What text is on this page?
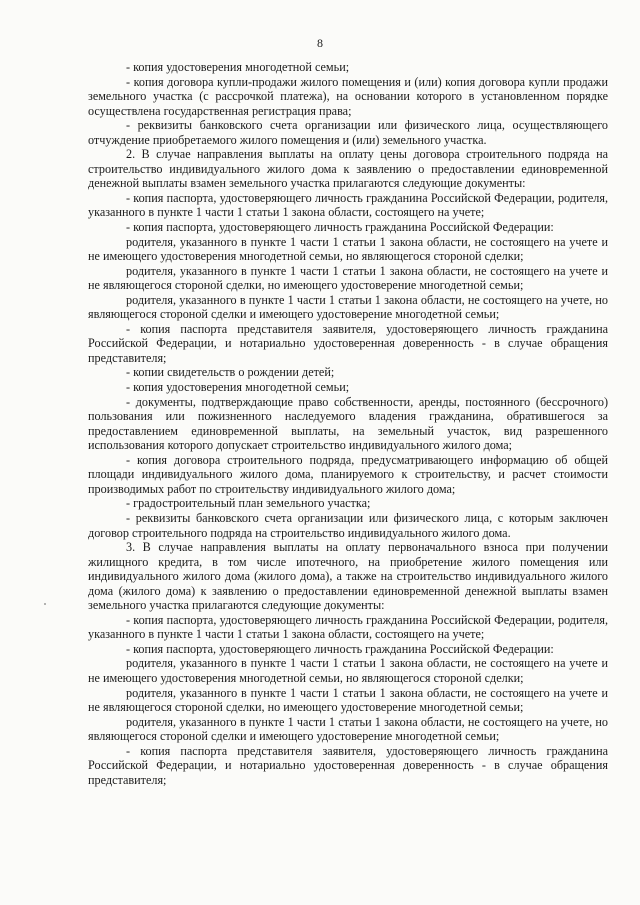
8

- копия удостоверения многодетной семьи;

- копия договора купли-продажи жилого помещения и (или) копия договора купли продажи земельного участка (с рассрочкой платежа), на основании которого в установленном порядке осуществлена государственная регистрация права;

- реквизиты банковского счета организации или физического лица, осуществляющего отчуждение приобретаемого жилого помещения и (или) земельного участка.

2. В случае направления выплаты на оплату цены договора строительного подряда на строительство индивидуального жилого дома к заявлению о предоставлении единовременной денежной выплаты взамен земельного участка прилагаются следующие документы:

- копия паспорта, удостоверяющего личность гражданина Российской Федерации, родителя, указанного в пункте 1 части 1 статьи 1 закона области, состоящего на учете;

- копия паспорта, удостоверяющего личность гражданина Российской Федерации:

родителя, указанного в пункте 1 части 1 статьи 1 закона области, не состоящего на учете и не имеющего удостоверения многодетной семьи, но являющегося стороной сделки;

родителя, указанного в пункте 1 части 1 статьи 1 закона области, не состоящего на учете и не являющегося стороной сделки, но имеющего удостоверение многодетной семьи;

родителя, указанного в пункте 1 части 1 статьи 1 закона области, не состоящего на учете, но являющегося стороной сделки и имеющего удостоверение многодетной семьи;

- копия паспорта представителя заявителя, удостоверяющего личность гражданина Российской Федерации, и нотариально удостоверенная доверенность - в случае обращения представителя;

- копии свидетельств о рождении детей;

- копия удостоверения многодетной семьи;

- документы, подтверждающие право собственности, аренды, постоянного (бессрочного) пользования или пожизненного наследуемого владения гражданина, обратившегося за предоставлением единовременной выплаты, на земельный участок, вид разрешенного использования которого допускает строительство индивидуального жилого дома;

- копия договора строительного подряда, предусматривающего информацию об общей площади индивидуального жилого дома, планируемого к строительству, и расчет стоимости производимых работ по строительству индивидуального жилого дома;

- градостроительный план земельного участка;

- реквизиты банковского счета организации или физического лица, с которым заключен договор строительного подряда на строительство индивидуального жилого дома.

3. В случае направления выплаты на оплату первоначального взноса при получении жилищного кредита, в том числе ипотечного, на приобретение жилого помещения или индивидуального жилого дома (жилого дома), а также на строительство индивидуального жилого дома (жилого дома) к заявлению о предоставлении единовременной денежной выплаты взамен земельного участка прилагаются следующие документы:

- копия паспорта, удостоверяющего личность гражданина Российской Федерации, родителя, указанного в пункте 1 части 1 статьи 1 закона области, состоящего на учете;

- копия паспорта, удостоверяющего личность гражданина Российской Федерации:

родителя, указанного в пункте 1 части 1 статьи 1 закона области, не состоящего на учете и не имеющего удостоверения многодетной семьи, но являющегося стороной сделки;

родителя, указанного в пункте 1 части 1 статьи 1 закона области, не состоящего на учете и не являющегося стороной сделки, но имеющего удостоверение многодетной семьи;

родителя, указанного в пункте 1 части 1 статьи 1 закона области, не состоящего на учете, но являющегося стороной сделки и имеющего удостоверение многодетной семьи;

- копия паспорта представителя заявителя, удостоверяющего личность гражданина Российской Федерации, и нотариально удостоверенная доверенность - в случае обращения представителя;
